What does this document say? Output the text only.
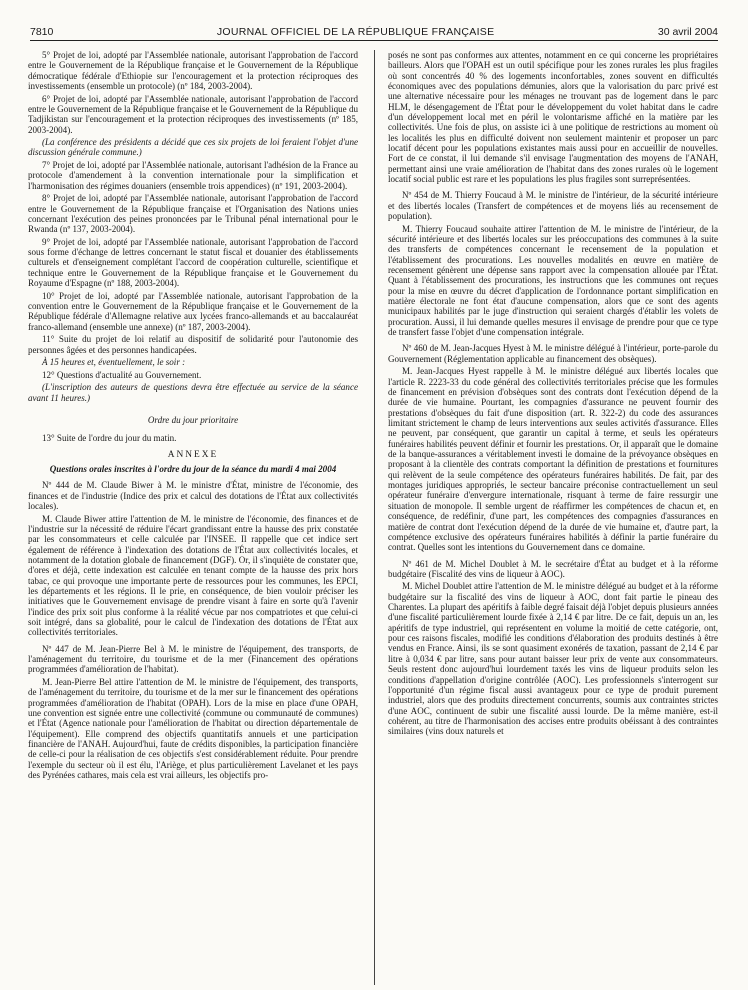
7810	JOURNAL OFFICIEL DE LA RÉPUBLIQUE FRANÇAISE	30 avril 2004

5° Projet de loi, adopté par l'Assemblée nationale, autorisant l'approbation de l'accord entre le Gouvernement de la République française et le Gouvernement de la République démocratique fédérale d'Ethiopie sur l'encouragement et la protection réciproques des investissements (ensemble un protocole) (nº 184, 2003-2004).

6° Projet de loi, adopté par l'Assemblée nationale, autorisant l'approbation de l'accord entre le Gouvernement de la République française et le Gouvernement de la République du Tadjikistan sur l'encouragement et la protection réciproques des investissements (nº 185, 2003-2004).

(La conférence des présidents a décidé que ces six projets de loi feraient l'objet d'une discussion générale commune.)

7° Projet de loi, adopté par l'Assemblée nationale, autorisant l'adhésion de la France au protocole d'amendement à la convention internationale pour la simplification et l'harmonisation des régimes douaniers (ensemble trois appendices) (nº 191, 2003-2004).

8° Projet de loi, adopté par l'Assemblée nationale, autorisant l'approbation de l'accord entre le Gouvernement de la République française et l'Organisation des Nations unies concernant l'exécution des peines prononcées par le Tribunal pénal international pour le Rwanda (nº 137, 2003-2004).

9° Projet de loi, adopté par l'Assemblée nationale, autorisant l'approbation de l'accord sous forme d'échange de lettres concernant le statut fiscal et douanier des établissements culturels et d'enseignement complétant l'accord de coopération culturelle, scientifique et technique entre le Gouvernement de la République française et le Gouvernement du Royaume d'Espagne (nº 188, 2003-2004).

10° Projet de loi, adopté par l'Assemblée nationale, autorisant l'approbation de la convention entre le Gouvernement de la République française et le Gouvernement de la République fédérale d'Allemagne relative aux lycées franco-allemands et au baccalauréat franco-allemand (ensemble une annexe) (nº 187, 2003-2004).

11° Suite du projet de loi relatif au dispositif de solidarité pour l'autonomie des personnes âgées et des personnes handicapées.

À 15 heures et, éventuellement, le soir :

12° Questions d'actualité au Gouvernement.

(L'inscription des auteurs de questions devra être effectuée au service de la séance avant 11 heures.)

Ordre du jour prioritaire

13° Suite de l'ordre du jour du matin.

ANNEXE

Questions orales inscrites à l'ordre du jour de la séance du mardi 4 mai 2004

Nº 444 de M. Claude Biwer à M. le ministre d'État, ministre de l'économie, des finances et de l'industrie (Indice des prix et calcul des dotations de l'État aux collectivités locales).

M. Claude Biwer attire l'attention de M. le ministre de l'économie, des finances et de l'industrie sur la nécessité de réduire l'écart grandissant entre la hausse des prix constatée par les consommateurs et celle calculée par l'INSEE. Il rappelle que cet indice sert également de référence à l'indexation des dotations de l'État aux collectivités locales, et notamment de la dotation globale de financement (DGF). Or, il s'inquiète de constater que, d'ores et déjà, cette indexation est calculée en tenant compte de la hausse des prix hors tabac, ce qui provoque une importante perte de ressources pour les communes, les EPCI, les départements et les régions. Il le prie, en conséquence, de bien vouloir préciser les initiatives que le Gouvernement envisage de prendre visant à faire en sorte qu'à l'avenir l'indice des prix soit plus conforme à la réalité vécue par nos compatriotes et que celui-ci soit intégré, dans sa globalité, pour le calcul de l'indexation des dotations de l'État aux collectivités territoriales.

Nº 447 de M. Jean-Pierre Bel à M. le ministre de l'équipement, des transports, de l'aménagement du territoire, du tourisme et de la mer (Financement des opérations programmées d'amélioration de l'habitat).

M. Jean-Pierre Bel attire l'attention de M. le ministre de l'équipement, des transports, de l'aménagement du territoire, du tourisme et de la mer sur le financement des opérations programmées d'amélioration de l'habitat (OPAH). Lors de la mise en place d'une OPAH, une convention est signée entre une collectivité (commune ou communauté de communes) et l'État (Agence nationale pour l'amélioration de l'habitat ou direction départementale de l'équipement). Elle comprend des objectifs quantitatifs annuels et une participation financière de l'ANAH. Aujourd'hui, faute de crédits disponibles, la participation financière de celle-ci pour la réalisation de ces objectifs s'est considérablement réduite. Pour prendre l'exemple du secteur où il est élu, l'Ariège, et plus particulièrement Lavelanet et les pays des Pyrénées cathares, mais cela est vrai ailleurs, les objectifs pro-

posés ne sont pas conformes aux attentes, notamment en ce qui concerne les propriétaires bailleurs. Alors que l'OPAH est un outil spécifique pour les zones rurales les plus fragiles où sont concentrés 40 % des logements inconfortables, zones souvent en difficultés économiques avec des populations démunies, alors que la valorisation du parc privé est une alternative nécessaire pour les ménages ne trouvant pas de logement dans le parc HLM, le désengagement de l'État pour le développement du volet habitat dans le cadre d'un développement local met en péril le volontarisme affiché en la matière par les collectivités. Une fois de plus, on assiste ici à une politique de restrictions au moment où les localités les plus en difficulté doivent non seulement maintenir et proposer un parc locatif décent pour les populations existantes mais aussi pour en accueillir de nouvelles. Fort de ce constat, il lui demande s'il envisage l'augmentation des moyens de l'ANAH, permettant ainsi une vraie amélioration de l'habitat dans des zones rurales où le logement locatif social public est rare et les populations les plus fragiles sont surreprésentées.

Nº 454 de M. Thierry Foucaud à M. le ministre de l'intérieur, de la sécurité intérieure et des libertés locales (Transfert de compétences et de moyens liés au recensement de population).

M. Thierry Foucaud souhaite attirer l'attention de M. le ministre de l'intérieur, de la sécurité intérieure et des libertés locales sur les préoccupations des communes à la suite des transferts de compétences concernant le recensement de la population et l'établissement des procurations. Les nouvelles modalités en œuvre en matière de recensement génèrent une dépense sans rapport avec la compensation allouée par l'État. Quant à l'établissement des procurations, les instructions que les communes ont reçues pour la mise en œuvre du décret d'application de l'ordonnance portant simplification en matière électorale ne font état d'aucune compensation, alors que ce sont des agents municipaux habilités par le juge d'instruction qui seraient chargés d'établir les volets de procuration. Aussi, il lui demande quelles mesures il envisage de prendre pour que ce type de transfert fasse l'objet d'une compensation intégrale.

Nº 460 de M. Jean-Jacques Hyest à M. le ministre délégué à l'intérieur, porte-parole du Gouvernement (Réglementation applicable au financement des obsèques).

M. Jean-Jacques Hyest rappelle à M. le ministre délégué aux libertés locales que l'article R. 2223-33 du code général des collectivités territoriales précise que les formules de financement en prévision d'obsèques sont des contrats dont l'exécution dépend de la durée de vie humaine. Pourtant, les compagnies d'assurance ne peuvent fournir des prestations d'obsèques du fait d'une disposition (art. R. 322-2) du code des assurances limitant strictement le champ de leurs interventions aux seules activités d'assurance. Elles ne peuvent, par conséquent, que garantir un capital à terme, et seuls les opérateurs funéraires habilités peuvent définir et fournir les prestations. Or, il apparaît que le domaine de la banque-assurances a véritablement investi le domaine de la prévoyance obsèques en proposant à la clientèle des contrats comportant la définition de prestations et fournitures qui relèvent de la seule compétence des opérateurs funéraires habilités. De fait, par des montages juridiques appropriés, le secteur bancaire préconise contractuellement un seul opérateur funéraire d'envergure internationale, risquant à terme de faire ressurgir une situation de monopole. Il semble urgent de réaffirmer les compétences de chacun et, en conséquence, de redéfinir, d'une part, les compétences des compagnies d'assurances en matière de contrat dont l'exécution dépend de la durée de vie humaine et, d'autre part, la compétence exclusive des opérateurs funéraires habilités à définir la partie funéraire du contrat. Quelles sont les intentions du Gouvernement dans ce domaine.

Nº 461 de M. Michel Doublet à M. le secrétaire d'État au budget et à la réforme budgétaire (Fiscalité des vins de liqueur à AOC).

M. Michel Doublet attire l'attention de M. le ministre délégué au budget et à la réforme budgétaire sur la fiscalité des vins de liqueur à AOC, dont fait partie le pineau des Charentes. La plupart des apéritifs à faible degré faisait déjà l'objet depuis plusieurs années d'une fiscalité particulièrement lourde fixée à 2,14 € par litre. De ce fait, depuis un an, les apéritifs de type industriel, qui représentent en volume la moitié de cette catégorie, ont, pour ces raisons fiscales, modifié les conditions d'élaboration des produits destinés à être vendus en France. Ainsi, ils se sont quasiment exonérés de taxation, passant de 2,14 € par litre à 0,034 € par litre, sans pour autant baisser leur prix de vente aux consommateurs. Seuls restent donc aujourd'hui lourdement taxés les vins de liqueur produits selon les conditions d'appellation d'origine contrôlée (AOC). Les professionnels s'interrogent sur l'opportunité d'un régime fiscal aussi avantageux pour ce type de produit purement industriel, alors que des produits directement concurrents, soumis aux contraintes strictes d'une AOC, continuent de subir une fiscalité aussi lourde. De la même manière, est-il cohérent, au titre de l'harmonisation des accises entre produits obéissant à des contraintes similaires (vins doux naturels et
